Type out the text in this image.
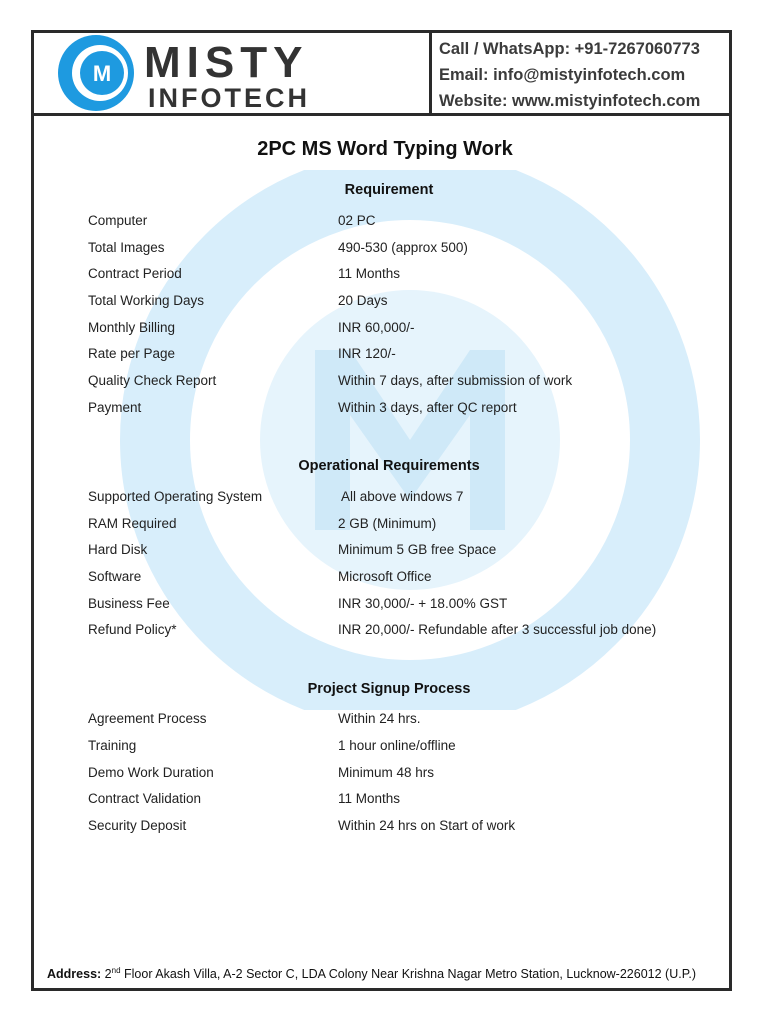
M MISTY
INFOTECH
Call / WhatsApp: +91-7267060773
Email: info@mistyinfotech.com
Website: www.mistyinfotech.com
2PC MS Word Typing Work
Requirement
Computer	02 PC
Total Images	490-530 (approx 500)
Contract Period	11 Months
Total Working Days	20 Days
Monthly Billing	INR 60,000/-
Rate per Page	INR 120/-
Quality Check Report	Within 7 days, after submission of work
Payment	Within 3 days, after QC report
Operational Requirements
Supported Operating System	All above windows 7
RAM Required	2 GB (Minimum)
Hard Disk	Minimum 5 GB free Space
Software	Microsoft Office
Business Fee	INR 30,000/- + 18.00% GST
Refund Policy*	INR 20,000/- Refundable after 3 successful job done)
Project Signup Process
Agreement Process	Within 24 hrs.
Training	1 hour online/offline
Demo Work Duration	Minimum 48 hrs
Contract Validation	11 Months
Security Deposit	Within 24 hrs on Start of work
Address: 2nd Floor Akash Villa, A-2 Sector C, LDA Colony Near Krishna Nagar Metro Station, Lucknow-226012 (U.P.)
